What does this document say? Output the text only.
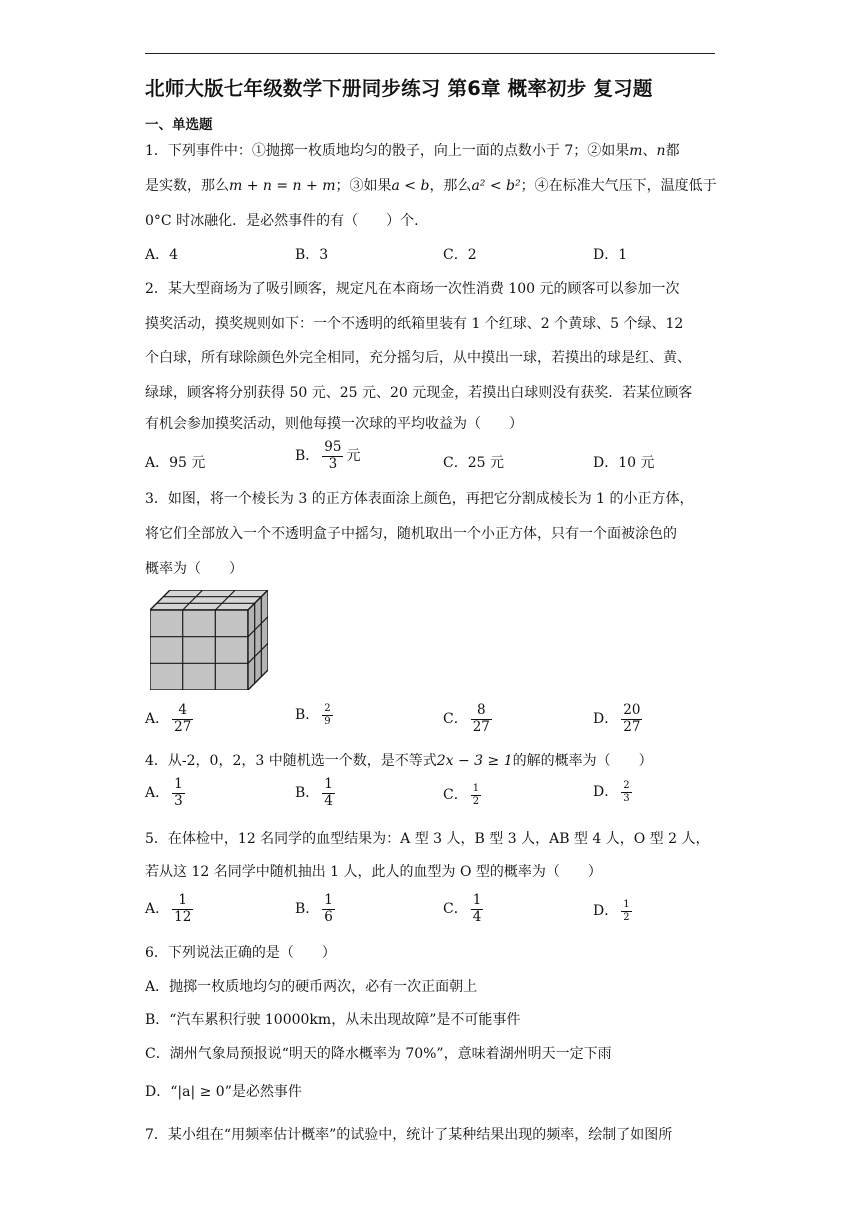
北师大版七年级数学下册同步练习 第6章 概率初步 复习题
一、单选题
1．下列事件中：①抛掷一枚质地均匀的骰子，向上一面的点数小于 7；②如果m、n都
是实数，那么m + n = n + m；③如果a < b，那么a² < b²；④在标准大气压下，温度低于
0°C 时冰融化．是必然事件的有（　　）个.
A．4	B．3	C．2	D．1
2．某大型商场为了吸引顾客，规定凡在本商场一次性消费 100 元的顾客可以参加一次
摸奖活动，摸奖规则如下：一个不透明的纸箱里装有 1 个红球、2 个黄球、5 个绿、12
个白球，所有球除颜色外完全相同，充分摇匀后，从中摸出一球，若摸出的球是红、黄、
绿球，顾客将分别获得 50 元、25 元、20 元现金，若摸出白球则没有获奖．若某位顾客
有机会参加摸奖活动，则他每摸一次球的平均收益为（　　）
A．95 元	B． $\frac{95}{3}$ 元	C．25 元	D．10 元
3．如图，将一个棱长为 3 的正方体表面涂上颜色，再把它分割成棱长为 1 的小正方体，
将它们全部放入一个不透明盒子中摇匀，随机取出一个小正方体，只有一个面被涂色的
概率为（　　）
A． $\frac{4}{27}$	B． $\frac{2}{9}$	C． $\frac{8}{27}$	D． $\frac{20}{27}$
4．从-2，0，2，3 中随机选一个数，是不等式2x − 3 ≥ 1的解的概率为（　　）
A． $\frac{1}{3}$	B． $\frac{1}{4}$	C． $\frac{1}{2}$	D． $\frac{2}{3}$
5．在体检中，12 名同学的血型结果为：A 型 3 人，B 型 3 人，AB 型 4 人，O 型 2 人，
若从这 12 名同学中随机抽出 1 人，此人的血型为 O 型的概率为（　　）
A． $\frac{1}{12}$	B． $\frac{1}{6}$	C． $\frac{1}{4}$	D． $\frac{1}{2}$
6．下列说法正确的是（　　）
A．抛掷一枚质地均匀的硬币两次，必有一次正面朝上
B．“汽车累积行驶 10000km，从未出现故障”是不可能事件
C．湖州气象局预报说“明天的降水概率为 70%”，意味着湖州明天一定下雨
D．“|a| ≥ 0”是必然事件
7．某小组在“用频率估计概率”的试验中，统计了某种结果出现的频率，绘制了如图所
